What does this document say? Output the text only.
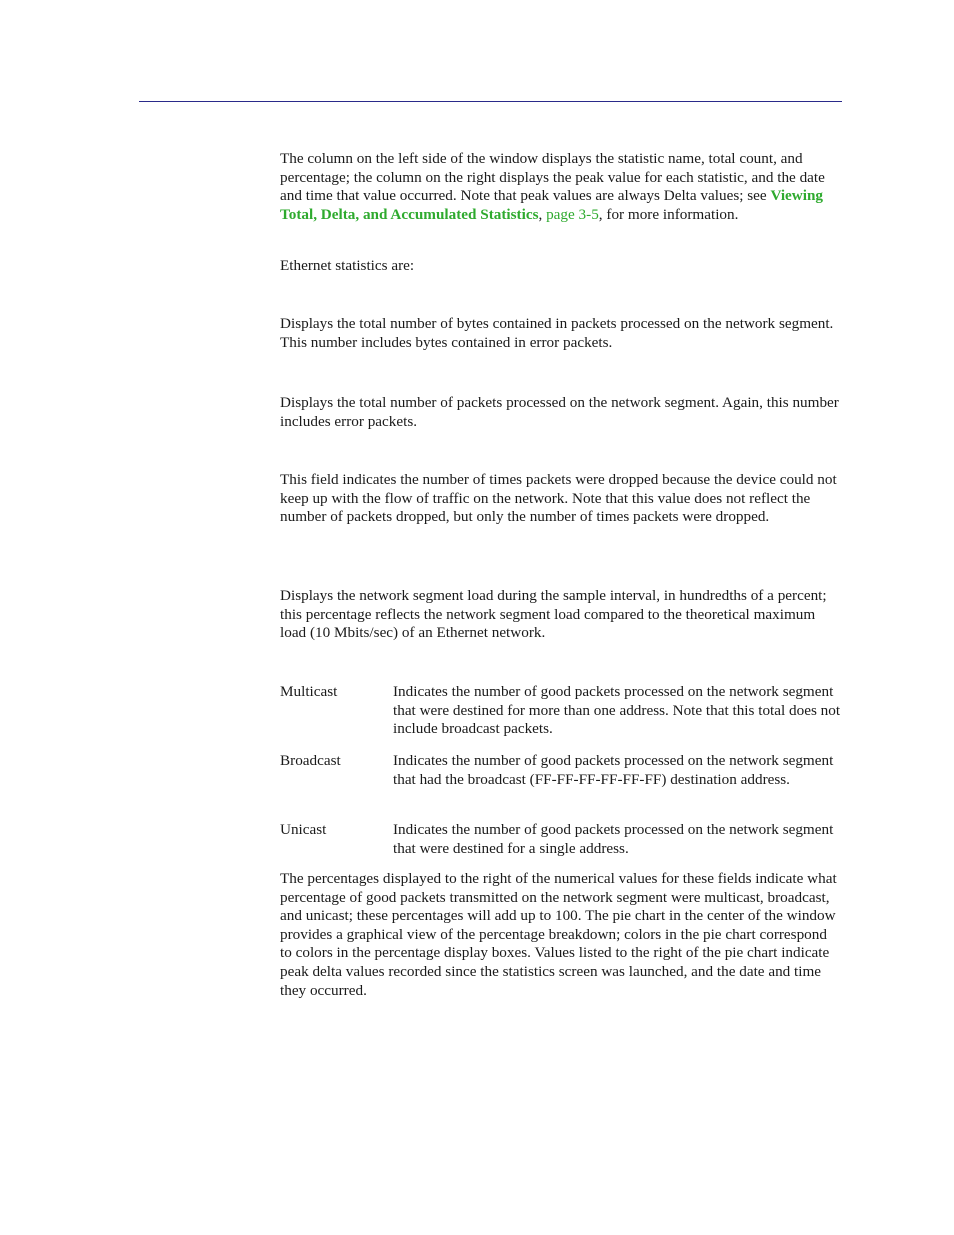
The column on the left side of the window displays the statistic name, total count, and percentage; the column on the right displays the peak value for each statistic, and the date and time that value occurred. Note that peak values are always Delta values; see Viewing Total, Delta, and Accumulated Statistics, page 3-5, for more information.

Ethernet statistics are:

Displays the total number of bytes contained in packets processed on the network segment. This number includes bytes contained in error packets.

Displays the total number of packets processed on the network segment. Again, this number includes error packets.

This field indicates the number of times packets were dropped because the device could not keep up with the flow of traffic on the network. Note that this value does not reflect the number of packets dropped, but only the number of times packets were dropped.

Displays the network segment load during the sample interval, in hundredths of a percent; this percentage reflects the network segment load compared to the theoretical maximum load (10 Mbits/sec) of an Ethernet network.

Multicast	Indicates the number of good packets processed on the network segment that were destined for more than one address. Note that this total does not include broadcast packets.
Broadcast	Indicates the number of good packets processed on the network segment that had the broadcast (FF-FF-FF-FF-FF-FF) destination address.
Unicast	Indicates the number of good packets processed on the network segment that were destined for a single address.

The percentages displayed to the right of the numerical values for these fields indicate what percentage of good packets transmitted on the network segment were multicast, broadcast, and unicast; these percentages will add up to 100. The pie chart in the center of the window provides a graphical view of the percentage breakdown; colors in the pie chart correspond to colors in the percentage display boxes. Values listed to the right of the pie chart indicate peak delta values recorded since the statistics screen was launched, and the date and time they occurred.
